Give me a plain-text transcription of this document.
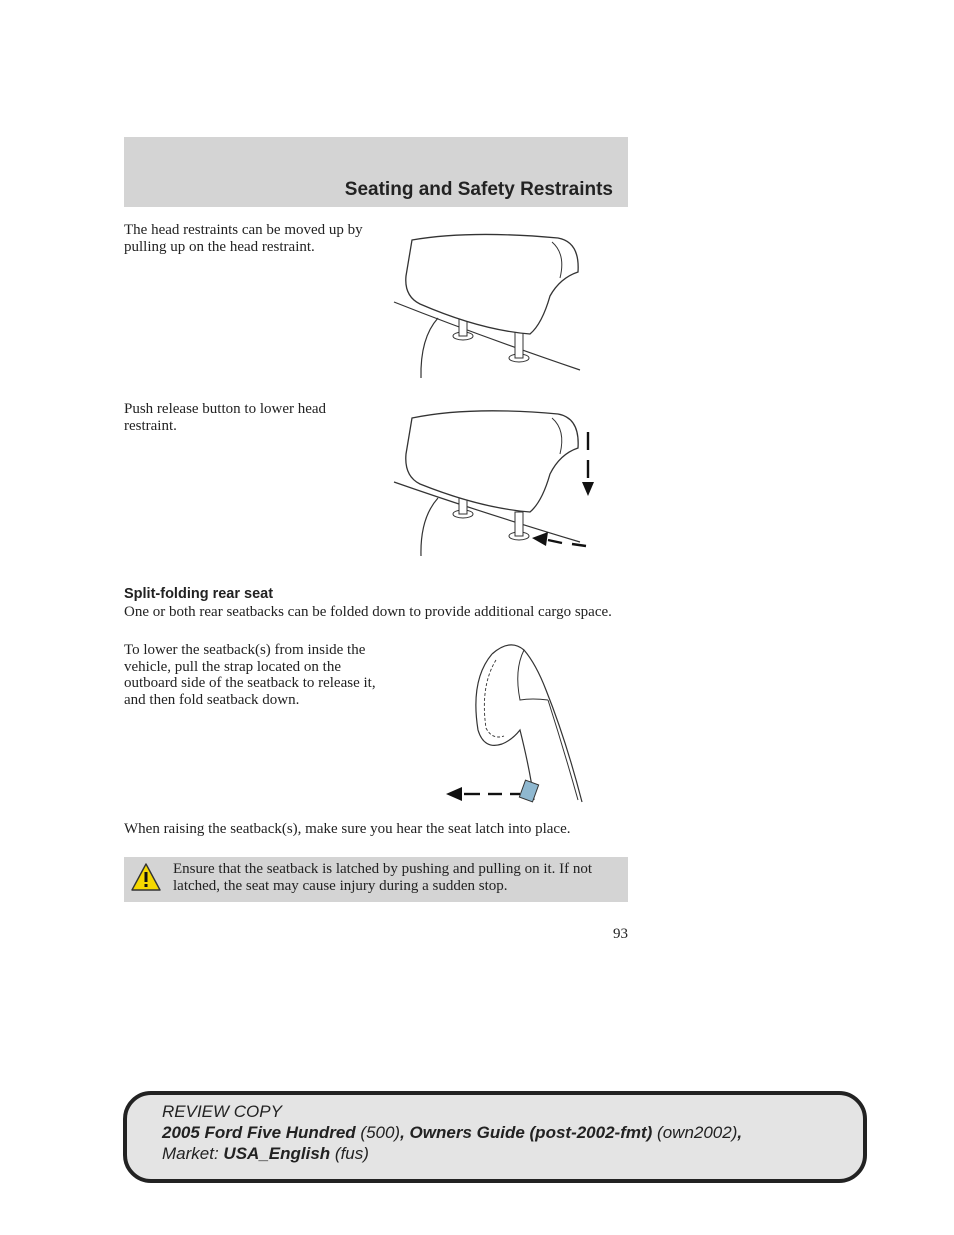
Seating and Safety Restraints

The head restraints can be moved up by pulling up on the head restraint.

Push release button to lower head restraint.

Split-folding rear seat

One or both rear seatbacks can be folded down to provide additional cargo space.

To lower the seatback(s) from inside the vehicle, pull the strap located on the outboard side of the seatback to release it, and then fold seatback down.

When raising the seatback(s), make sure you hear the seat latch into place.

Ensure that the seatback is latched by pushing and pulling on it. If not latched, the seat may cause injury during a sudden stop.

93
REVIEW COPY
2005 Ford Five Hundred (500), Owners Guide (post-2002-fmt) (own2002),
Market: USA_English (fus)
